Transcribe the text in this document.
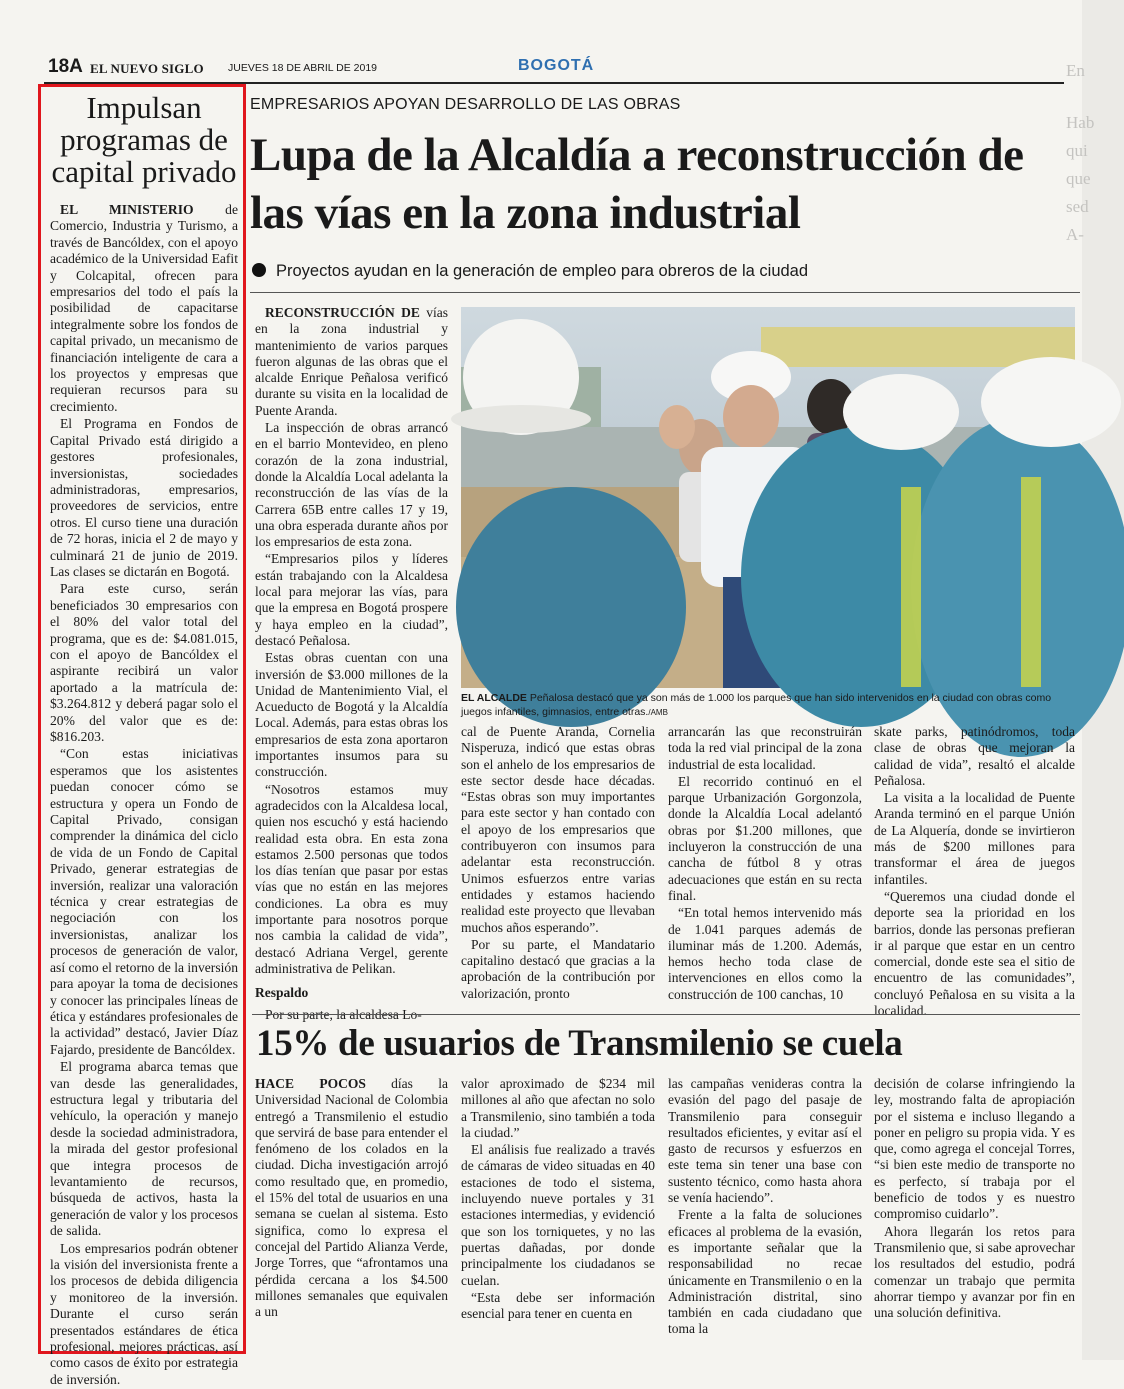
En
Hab
qui
que
sed
A-
18A EL NUEVO SIGLO JUEVES 18 DE ABRIL DE 2019	BOGOTÁ
Impulsan programas de capital privado

EL MINISTERIO de Comercio, Industria y Turismo, a través de Bancóldex, con el apoyo académico de la Universidad Eafit y Colcapital, ofrecen para empresarios del todo el país la posibilidad de capacitarse integralmente sobre los fondos de capital privado, un mecanismo de financiación inteligente de cara a los proyectos y empresas que requieran recursos para su crecimiento.

El Programa en Fondos de Capital Privado está dirigido a gestores profesionales, inversionistas, sociedades administradoras, empresarios, proveedores de servicios, entre otros. El curso tiene una duración de 72 horas, inicia el 2 de mayo y culminará 21 de junio de 2019. Las clases se dictarán en Bogotá.

Para este curso, serán beneficiados 30 empresarios con el 80% del valor total del programa, que es de: $4.081.015, con el apoyo de Bancóldex el aspirante recibirá un valor aportado a la matrícula de: $3.264.812 y deberá pagar solo el 20% del valor que es de: $816.203.

“Con estas iniciativas esperamos que los asistentes puedan conocer cómo se estructura y opera un Fondo de Capital Privado, consigan comprender la dinámica del ciclo de vida de un Fondo de Capital Privado, generar estrategias de inversión, realizar una valoración técnica y crear estrategias de negociación con los inversionistas, analizar los procesos de generación de valor, así como el retorno de la inversión para apoyar la toma de decisiones y conocer las principales líneas de ética y estándares profesionales de la actividad” destacó, Javier Díaz Fajardo, presidente de Bancóldex.

El programa abarca temas que van desde las generalidades, estructura legal y tributaria del vehículo, la operación y manejo desde la sociedad administradora, la mirada del gestor profesional que integra procesos de levantamiento de recursos, búsqueda de activos, hasta la generación de valor y los procesos de salida.

Los empresarios podrán obtener la visión del inversionista frente a los procesos de debida diligencia y monitoreo de la inversión. Durante el curso serán presentados estándares de ética profesional, mejores prácticas, así como casos de éxito por estrategia de inversión.

EMPRESARIOS APOYAN DESARROLLO DE LAS OBRAS
Lupa de la Alcaldía a reconstrucción de las vías en la zona industrial
Proyectos ayudan en la generación de empleo para obreros de la ciudad

RECONSTRUCCIÓN DE vías en la zona industrial y mantenimiento de varios parques fueron algunas de las obras que el alcalde Enrique Peñalosa verificó durante su visita en la localidad de Puente Aranda.

La inspección de obras arrancó en el barrio Montevideo, en pleno corazón de la zona industrial, donde la Alcaldía Local adelanta la reconstrucción de las vías de la Carrera 65B entre calles 17 y 19, una obra esperada durante años por los empresarios de esta zona.

“Empresarios pilos y líderes están trabajando con la Alcaldesa local para mejorar las vías, para que la empresa en Bogotá prospere y haya empleo en la ciudad”, destacó Peñalosa.

Estas obras cuentan con una inversión de $3.000 millones de la Unidad de Mantenimiento Vial, el Acueducto de Bogotá y la Alcaldía Local. Además, para estas obras los empresarios de esta zona aportaron importantes insumos para su construcción.

“Nosotros estamos muy agradecidos con la Alcaldesa local, quien nos escuchó y está haciendo realidad esta obra. En esta zona estamos 2.500 personas que todos los días tenían que pasar por estas vías que no están en las mejores condiciones. La obra es muy importante para nosotros porque nos cambia la calidad de vida”, destacó Adriana Vergel, gerente administrativa de Pelikan.

Respaldo

Por su parte, la alcaldesa Lo-

EL ALCALDE Peñalosa destacó que ya son más de 1.000 los parques que han sido intervenidos en la ciudad con obras como juegos infantiles, gimnasios, entre otras./AMB

cal de Puente Aranda, Cornelia Nisperuza, indicó que estas obras son el anhelo de los empresarios de este sector desde hace décadas. “Estas obras son muy importantes para este sector y han contado con el apoyo de los empresarios que contribuyeron con insumos para adelantar esta reconstrucción. Unimos esfuerzos entre varias entidades y estamos haciendo realidad este proyecto que llevaban muchos años esperando”.

Por su parte, el Mandatario capitalino destacó que gracias a la aprobación de la contribución por valorización, pronto

arrancarán las que reconstruirán toda la red vial principal de la zona industrial de esta localidad.

El recorrido continuó en el parque Urbanización Gorgonzola, donde la Alcaldía Local adelantó obras por $1.200 millones, que incluyeron la construcción de una cancha de fútbol 8 y otras adecuaciones que están en su recta final.

“En total hemos intervenido más de 1.041 parques además de iluminar más de 1.200. Además, hemos hecho toda clase de intervenciones en ellos como la construcción de 100 canchas, 10

skate parks, patinódromos, toda clase de obras que mejoran la calidad de vida”, resaltó el alcalde Peñalosa.

La visita a la localidad de Puente Aranda terminó en el parque Unión de La Alquería, donde se invirtieron más de $200 millones para transformar el área de juegos infantiles.

“Queremos una ciudad donde el deporte sea la prioridad en los barrios, donde las personas prefieran ir al parque que estar en un centro comercial, donde este sea el sitio de encuentro de las comunidades”, concluyó Peñalosa en su visita a la localidad.

15% de usuarios de Transmilenio se cuela

HACE POCOS días la Universidad Nacional de Colombia entregó a Transmilenio el estudio que servirá de base para entender el fenómeno de los colados en la ciudad. Dicha investigación arrojó como resultado que, en promedio, el 15% del total de usuarios en una semana se cuelan al sistema. Esto significa, como lo expresa el concejal del Partido Alianza Verde, Jorge Torres, que “afrontamos una pérdida cercana a los $4.500 millones semanales que equivalen a un

valor aproximado de $234 mil millones al año que afectan no solo a Transmilenio, sino también a toda la ciudad.”

El análisis fue realizado a través de cámaras de video situadas en 40 estaciones de todo el sistema, incluyendo nueve portales y 31 estaciones intermedias, y evidenció que son los torniquetes, y no las puertas dañadas, por donde principalmente los ciudadanos se cuelan.

“Esta debe ser información esencial para tener en cuenta en

las campañas venideras contra la evasión del pago del pasaje de Transmilenio para conseguir resultados eficientes, y evitar así el gasto de recursos y esfuerzos en este tema sin tener una base con sustento técnico, como hasta ahora se venía haciendo”.

Frente a la falta de soluciones eficaces al problema de la evasión, es importante señalar que la responsabilidad no recae únicamente en Transmilenio o en la Administración distrital, sino también en cada ciudadano que toma la

decisión de colarse infringiendo la ley, mostrando falta de apropiación por el sistema e incluso llegando a poner en peligro su propia vida. Y es que, como agrega el concejal Torres, “si bien este medio de transporte no es perfecto, sí trabaja por el beneficio de todos y es nuestro compromiso cuidarlo”.

Ahora llegarán los retos para Transmilenio que, si sabe aprovechar los resultados del estudio, podrá comenzar un trabajo que permita ahorrar tiempo y avanzar por fin en una solución definitiva.
